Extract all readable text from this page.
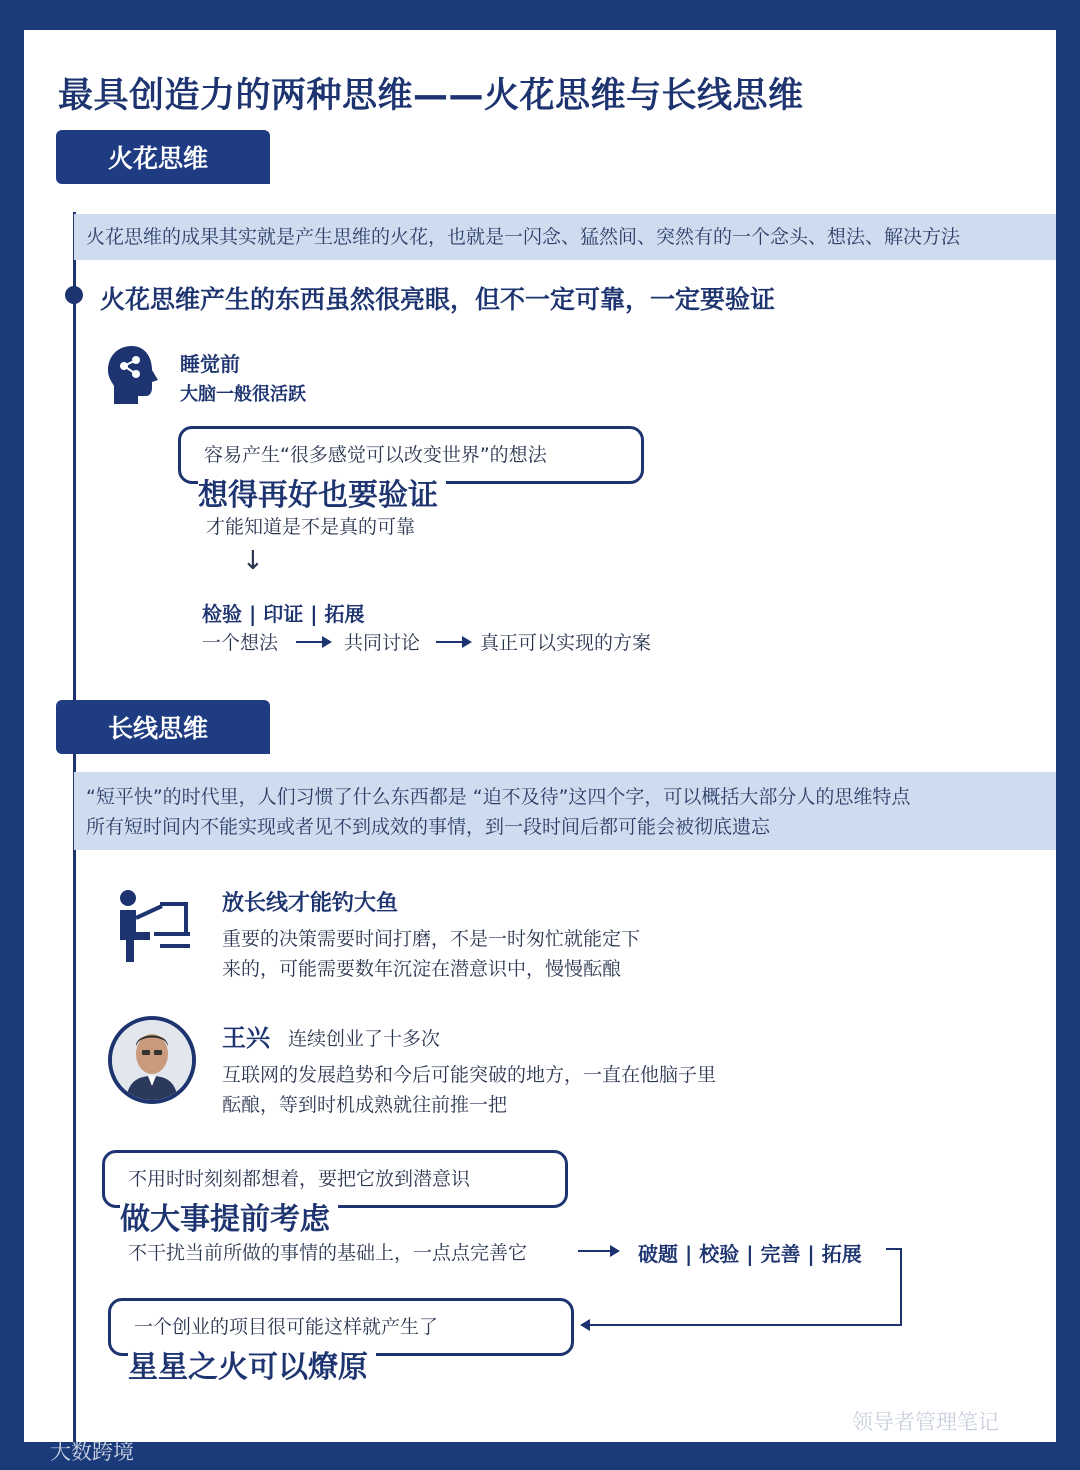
最具创造力的两种思维——火花思维与长线思维
火花思维
火花思维的成果其实就是产生思维的火花，也就是一闪念、猛然间、突然有的一个念头、想法、解决方法
火花思维产生的东西虽然很亮眼，但不一定可靠，一定要验证
睡觉前
大脑一般很活跃
容易产生“很多感觉可以改变世界”的想法
想得再好也要验证
才能知道是不是真的可靠
↓
检验 | 印证 | 拓展
一个想法	共同讨论	真正可以实现的方案
长线思维
“短平快”的时代里，人们习惯了什么东西都是 “迫不及待”这四个字，可以概括大部分人的思维特点
所有短时间内不能实现或者见不到成效的事情，到一段时间后都可能会被彻底遗忘
放长线才能钓大鱼
重要的决策需要时间打磨，不是一时匆忙就能定下
来的，可能需要数年沉淀在潜意识中，慢慢酝酿
王兴 连续创业了十多次
互联网的发展趋势和今后可能突破的地方，一直在他脑子里
酝酿，等到时机成熟就往前推一把
不用时时刻刻都想着，要把它放到潜意识
做大事提前考虑
不干扰当前所做的事情的基础上，一点点完善它	破题 | 校验 | 完善 | 拓展
一个创业的项目很可能这样就产生了
星星之火可以燎原
大数跨境
领导者管理笔记
